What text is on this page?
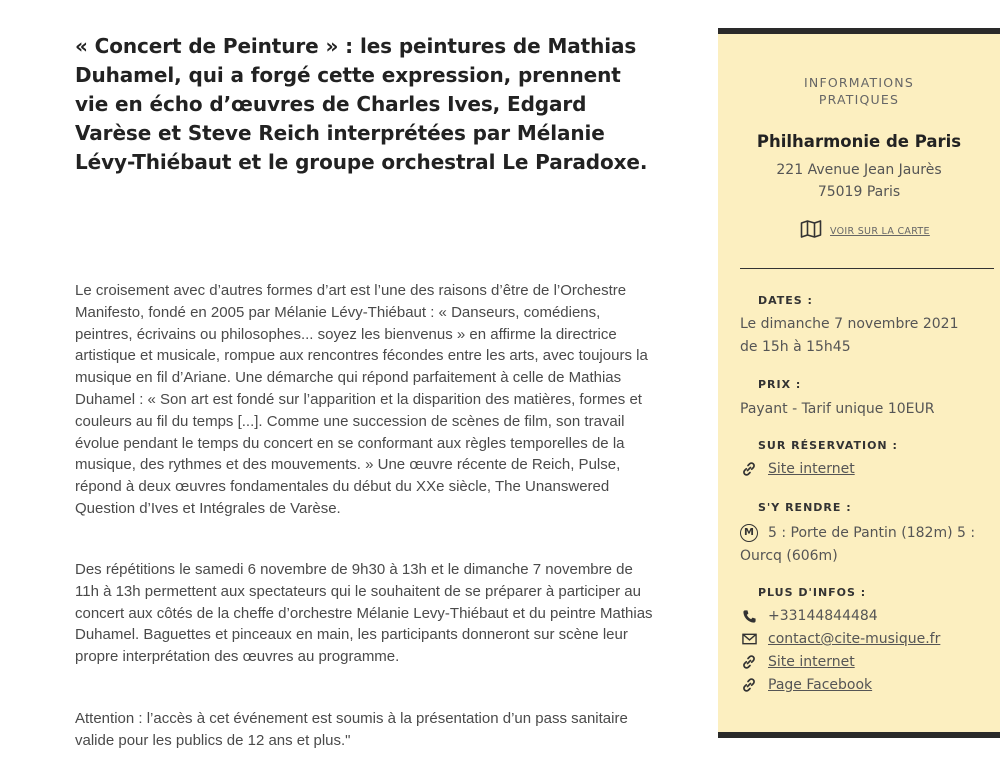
« Concert de Peinture » : les peintures de Mathias Duhamel, qui a forgé cette expression, prennent vie en écho d’œuvres de Charles Ives, Edgard Varèse et Steve Reich interprétées par Mélanie Lévy-Thiébaut et le groupe orchestral Le Paradoxe.

Le croisement avec d’autres formes d’art est l’une des raisons d’être de l’Orchestre Manifesto, fondé en 2005 par Mélanie Lévy-Thiébaut : « Danseurs, comédiens, peintres, écrivains ou philosophes... soyez les bienvenus » en affirme la directrice artistique et musicale, rompue aux rencontres fécondes entre les arts, avec toujours la musique en fil d’Ariane. Une démarche qui répond parfaitement à celle de Mathias Duhamel : « Son art est fondé sur l’apparition et la disparition des matières, formes et couleurs au fil du temps [...]. Comme une succession de scènes de film, son travail évolue pendant le temps du concert en se conformant aux règles temporelles de la musique, des rythmes et des mouvements. » Une œuvre récente de Reich, Pulse, répond à deux œuvres fondamentales du début du XXe siècle, The Unanswered Question d’Ives et Intégrales de Varèse.

Des répétitions le samedi 6 novembre de 9h30 à 13h et le dimanche 7 novembre de 11h à 13h permettent aux spectateurs qui le souhaitent de se préparer à participer au concert aux côtés de la cheffe d’orchestre Mélanie Levy-Thiébaut et du peintre Mathias Duhamel. Baguettes et pinceaux en main, les participants donneront sur scène leur propre interprétation des œuvres au programme.

Attention : l’accès à cet événement est soumis à la présentation d’un pass sanitaire valide pour les publics de 12 ans et plus."

INFORMATIONS PRATIQUES
Philharmonie de Paris
221 Avenue Jean Jaurès
75019 Paris
VOIR SUR LA CARTE
DATES :
Le dimanche 7 novembre 2021
de 15h à 15h45
PRIX :
Payant - Tarif unique 10EUR
SUR RÉSERVATION :
Site internet
S'Y RENDRE :
M 5 : Porte de Pantin (182m) 5 :
Ourcq (606m)
PLUS D'INFOS :
+33144844484
contact@cite-musique.fr
Site internet
Page Facebook
